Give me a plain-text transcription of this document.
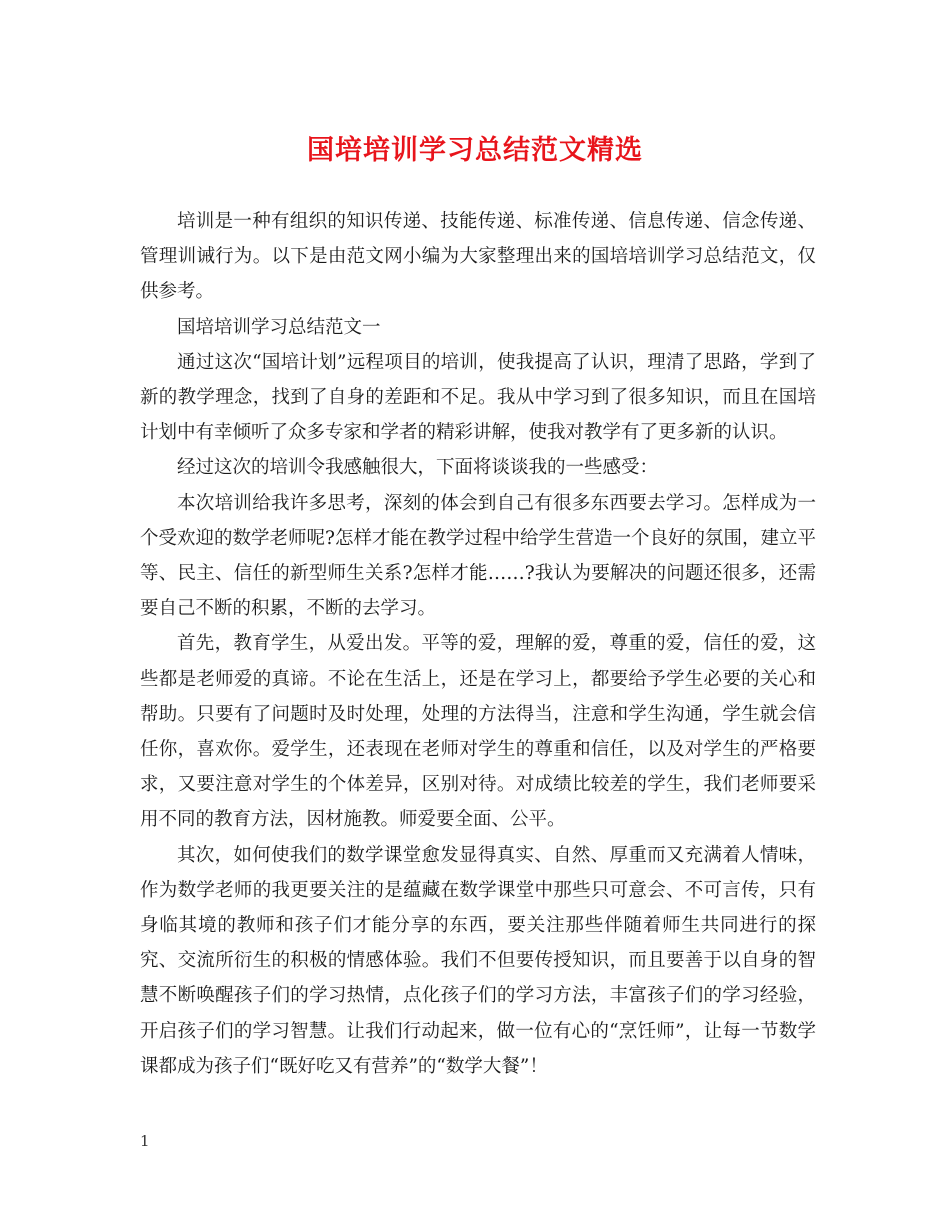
国培培训学习总结范文精选

培训是一种有组织的知识传递、技能传递、标准传递、信息传递、信念传递、管理训诫行为。以下是由范文网小编为大家整理出来的国培培训学习总结范文，仅供参考。

国培培训学习总结范文一

通过这次“国培计划”远程项目的培训，使我提高了认识，理清了思路，学到了新的教学理念，找到了自身的差距和不足。我从中学习到了很多知识，而且在国培计划中有幸倾听了众多专家和学者的精彩讲解，使我对教学有了更多新的认识。

经过这次的培训令我感触很大，下面将谈谈我的一些感受：

本次培训给我许多思考，深刻的体会到自己有很多东西要去学习。怎样成为一个受欢迎的数学老师呢?怎样才能在教学过程中给学生营造一个良好的氛围，建立平等、民主、信任的新型师生关系?怎样才能……?我认为要解决的问题还很多，还需要自己不断的积累，不断的去学习。

首先，教育学生，从爱出发。平等的爱，理解的爱，尊重的爱，信任的爱，这些都是老师爱的真谛。不论在生活上，还是在学习上，都要给予学生必要的关心和帮助。只要有了问题时及时处理，处理的方法得当，注意和学生沟通，学生就会信任你，喜欢你。爱学生，还表现在老师对学生的尊重和信任，以及对学生的严格要求，又要注意对学生的个体差异，区别对待。对成绩比较差的学生，我们老师要采用不同的教育方法，因材施教。师爱要全面、公平。

其次，如何使我们的数学课堂愈发显得真实、自然、厚重而又充满着人情味，作为数学老师的我更要关注的是蕴藏在数学课堂中那些只可意会、不可言传，只有身临其境的教师和孩子们才能分享的东西，要关注那些伴随着师生共同进行的探究、交流所衍生的积极的情感体验。我们不但要传授知识，而且要善于以自身的智慧不断唤醒孩子们的学习热情，点化孩子们的学习方法，丰富孩子们的学习经验，开启孩子们的学习智慧。让我们行动起来，做一位有心的“烹饪师”，让每一节数学课都成为孩子们“既好吃又有营养”的“数学大餐”！

1
